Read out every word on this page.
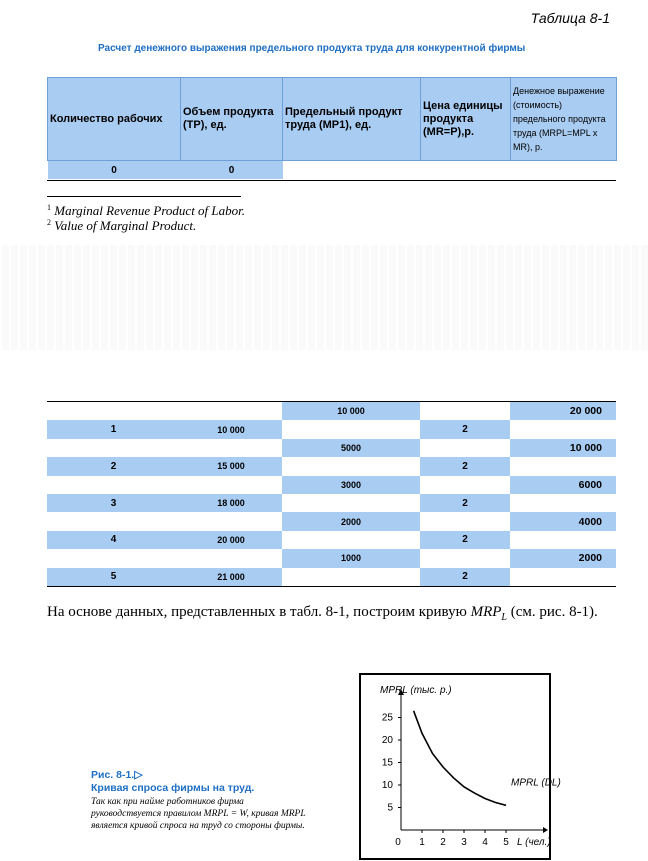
Таблица 8-1
Расчет денежного выражения предельного продукта труда для конкурентной фирмы
Количество рабочих	Объем продукта (ТР), ед.	Предельный продукт труда (МР1), ед.	Цена единицы продукта (MR=P),р.	Денежное выражение (стоимость) предельного продукта труда (MRPL=MPL x MR), р.
0	0			
$^1$ Marginal Revenue Product of Labor.
$^2$ Value of Marginal Product.
		10 000		20 000
1	10 000		2	
		5000		10 000
2	15 000		2	
		3000		6000
3	18 000		2	
		2000		4000
4	20 000		2	
		1000		2000
5	21 000		2	
На основе данных, представленных в табл. 8-1, построим кривую $MRP_L$ (см. рис. 8-1).
Рис. 8-1.▷
Кривая спроса фирмы на труд.
Так как при найме работников фирма руководствуется правилом MRPL = W, кривая MRPL является кривой спроса на труд со стороны фирмы.
5
10
15
20
25
0 1 2 3 4 5
MPRL (тыс. р.)
L (чел.)
MPRL (DL)
